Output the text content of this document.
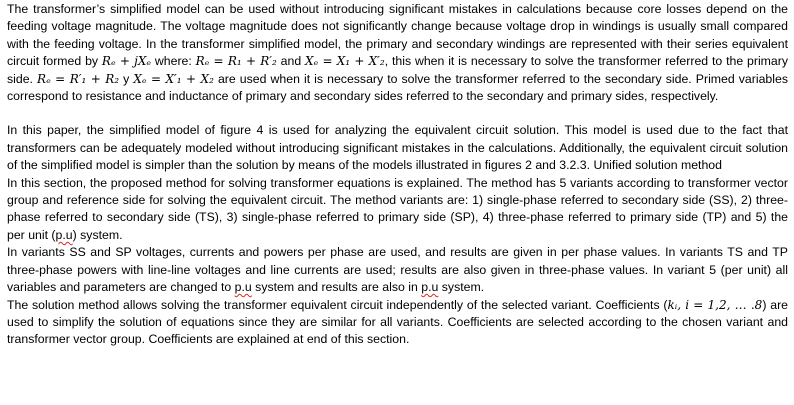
The transformer’s simplified model can be used without introducing significant mistakes in calculations because core losses depend on the feeding voltage magnitude. The voltage magnitude does not significantly change because voltage drop in windings is usually small compared with the feeding voltage. In the transformer simplified model, the primary and secondary windings are represented with their series equivalent circuit formed by Rₑ + jXₑ where: Rₑ = R₁ + R′₂ and Xₑ = X₁ + X′₂, this when it is necessary to solve the transformer referred to the primary side. Rₑ = R′₁ + R₂ y Xₑ = X′₁ + X₂ are used when it is necessary to solve the transformer referred to the secondary side. Primed variables correspond to resistance and inductance of primary and secondary sides referred to the secondary and primary sides, respectively.

In this paper, the simplified model of figure 4 is used for analyzing the equivalent circuit solution. This model is used due to the fact that transformers can be adequately modeled without introducing significant mistakes in the calculations. Additionally, the equivalent circuit solution of the simplified model is simpler than the solution by means of the models illustrated in figures 2 and 3.2.3. Unified solution method

In this section, the proposed method for solving transformer equations is explained. The method has 5 variants according to transformer vector group and reference side for solving the equivalent circuit. The method variants are: 1) single-phase referred to secondary side (SS), 2) three-phase referred to secondary side (TS), 3) single-phase referred to primary side (SP), 4) three-phase referred to primary side (TP) and 5) the per unit (p.u) system.

In variants SS and SP voltages, currents and powers per phase are used, and results are given in per phase values. In variants TS and TP three-phase powers with line-line voltages and line currents are used; results are also given in three-phase values. In variant 5 (per unit) all variables and parameters are changed to p.u system and results are also in p.u system.

The solution method allows solving the transformer equivalent circuit independently of the selected variant. Coefficients (kᵢ, i = 1,2, … .8) are used to simplify the solution of equations since they are similar for all variants. Coefficients are selected according to the chosen variant and transformer vector group. Coefficients are explained at end of this section.
